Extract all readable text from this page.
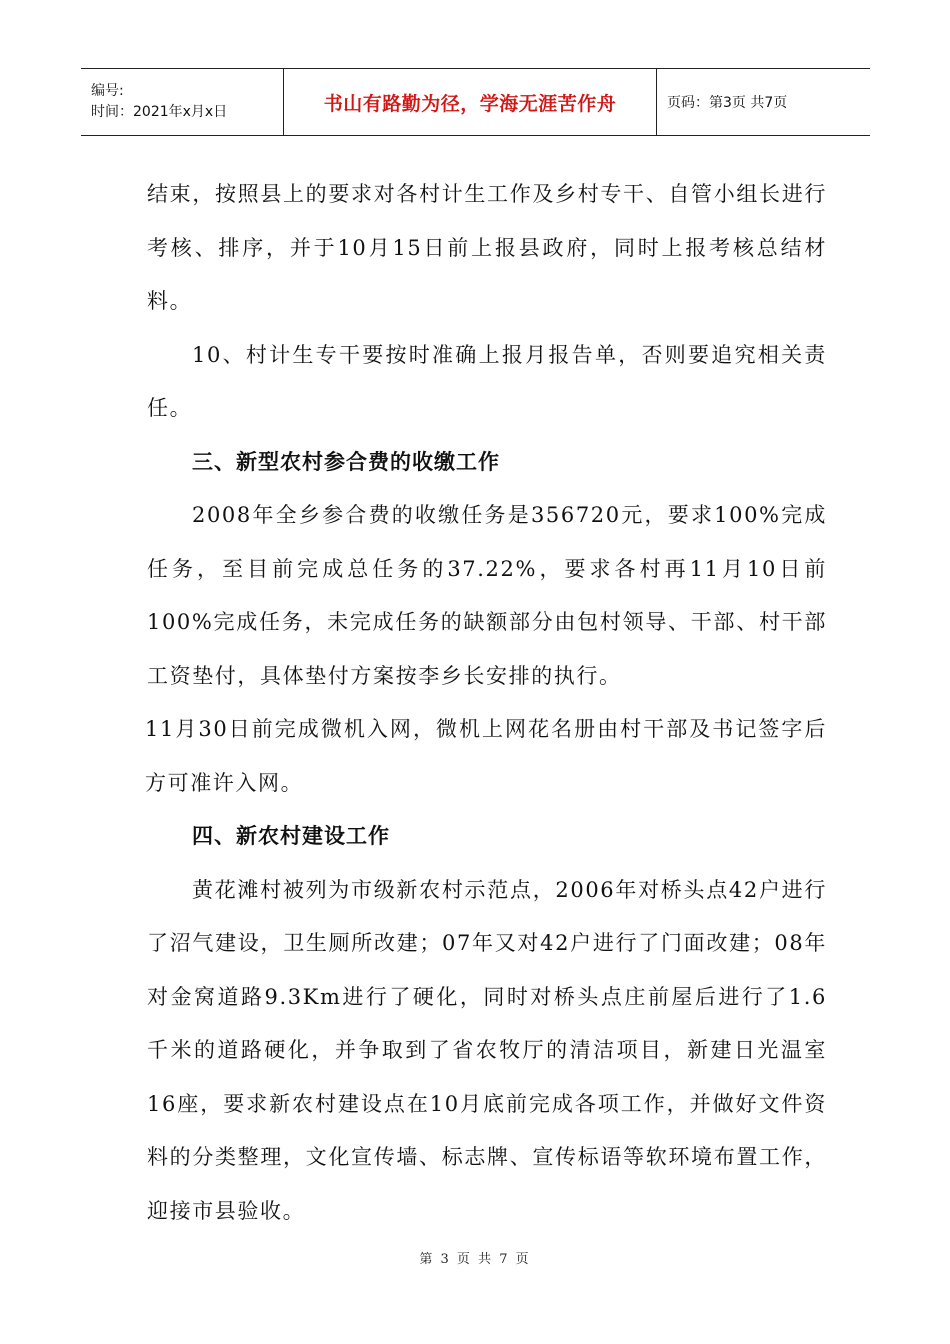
编号:
时间：2021年x月x日	书山有路勤为径，学海无涯苦作舟	页码：第3页 共7页

结束，按照县上的要求对各村计生工作及乡村专干、自管小组长进行考核、排序，并于10月15日前上报县政府，同时上报考核总结材料。

10、村计生专干要按时准确上报月报告单，否则要追究相关责任。

三、新型农村参合费的收缴工作

2008年全乡参合费的收缴任务是356720元，要求100%完成任务，至目前完成总任务的37.22%，要求各村再11月10日前100%完成任务，未完成任务的缺额部分由包村领导、干部、村干部工资垫付，具体垫付方案按李乡长安排的执行。

11月30日前完成微机入网，微机上网花名册由村干部及书记签字后方可准许入网。

四、新农村建设工作

黄花滩村被列为市级新农村示范点，2006年对桥头点42户进行了沼气建设，卫生厕所改建；07年又对42户进行了门面改建；08年对金窝道路9.3Km进行了硬化，同时对桥头点庄前屋后进行了1.6千米的道路硬化，并争取到了省农牧厅的清洁项目，新建日光温室16座，要求新农村建设点在10月底前完成各项工作，并做好文件资料的分类整理，文化宣传墙、标志牌、宣传标语等软环境布置工作，迎接市县验收。

第 3 页 共 7 页
